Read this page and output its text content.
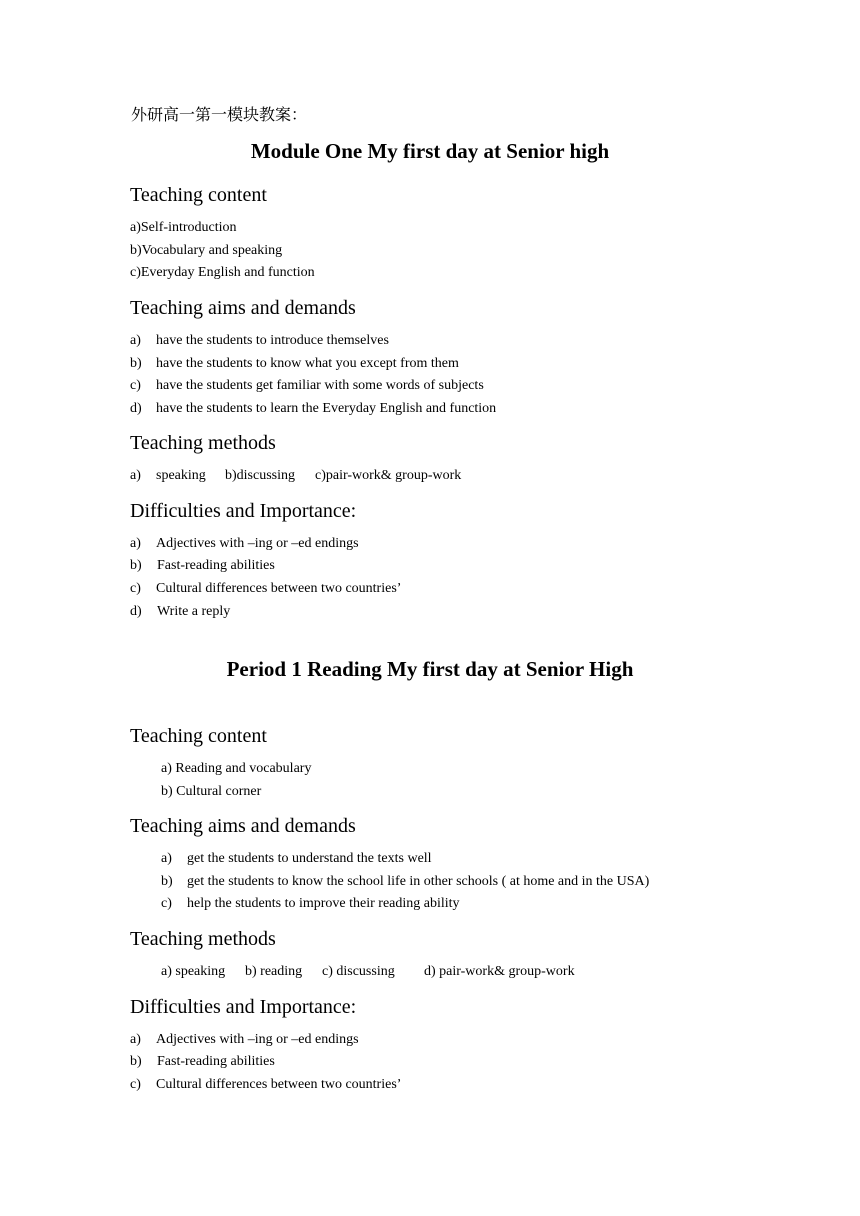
外研高一第一模块教案：
Module One My first day at Senior high
Teaching content
a)Self-introduction
b)Vocabulary and speaking
c)Everyday English and function
Teaching aims and demands
a) have the students to introduce themselves
b) have the students to know what you except from them
c) have the students get familiar with some words of subjects
d) have the students to learn the Everyday English and function
Teaching methods
a) speaking b)discussing c)pair-work& group-work
Difficulties and Importance:
a) Adjectives with –ing or –ed endings
b) Fast-reading abilities
c) Cultural differences between two countries’
d) Write a reply
Period 1 Reading My first day at Senior High
Teaching content
a) Reading and vocabulary
b) Cultural corner
Teaching aims and demands
a) get the students to understand the texts well
b) get the students to know the school life in other schools ( at home and in the USA)
c) help the students to improve their reading ability
Teaching methods
a) speaking b) reading c) discussing d) pair-work& group-work
Difficulties and Importance:
a) Adjectives with –ing or –ed endings
b) Fast-reading abilities
c) Cultural differences between two countries’
